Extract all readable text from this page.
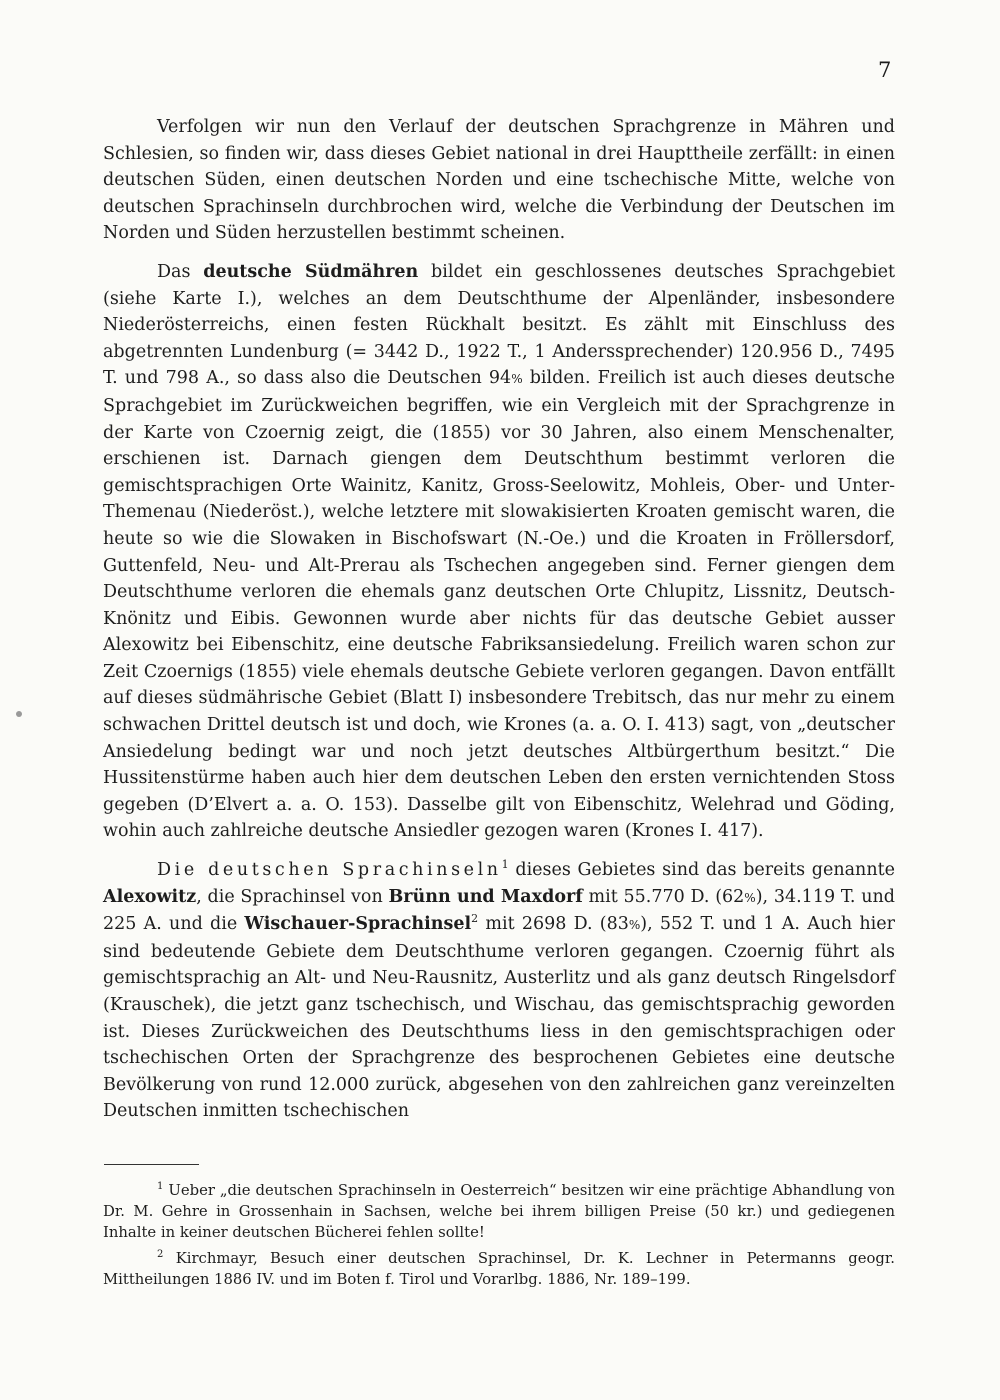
7

Verfolgen wir nun den Verlauf der deutschen Sprachgrenze in Mähren und Schlesien, so finden wir, dass dieses Gebiet national in drei Haupttheile zerfällt: in einen deutschen Süden, einen deutschen Norden und eine tschechische Mitte, welche von deutschen Sprachinseln durchbrochen wird, welche die Verbindung der Deutschen im Norden und Süden herzustellen bestimmt scheinen.

Das deutsche Südmähren bildet ein geschlossenes deutsches Sprachgebiet (siehe Karte I.), welches an dem Deutschthume der Alpenländer, insbesondere Niederösterreichs, einen festen Rückhalt besitzt. Es zählt mit Einschluss des abgetrennten Lundenburg (= 3442 D., 1922 T., 1 Anderssprechender) 120.956 D., 7495 T. und 798 A., so dass also die Deutschen 94% bilden. Freilich ist auch dieses deutsche Sprachgebiet im Zurückweichen begriffen, wie ein Vergleich mit der Sprachgrenze in der Karte von Czoernig zeigt, die (1855) vor 30 Jahren, also einem Menschenalter, erschienen ist. Darnach giengen dem Deutschthum bestimmt verloren die gemischtsprachigen Orte Wainitz, Kanitz, Gross-Seelowitz, Mohleis, Ober- und Unter-Themenau (Niederöst.), welche letztere mit slowakisierten Kroaten gemischt waren, die heute so wie die Slowaken in Bischofswart (N.-Oe.) und die Kroaten in Fröllersdorf, Guttenfeld, Neu- und Alt-Prerau als Tschechen angegeben sind. Ferner giengen dem Deutschthume verloren die ehemals ganz deutschen Orte Chlupitz, Lissnitz, Deutsch-Knönitz und Eibis. Gewonnen wurde aber nichts für das deutsche Gebiet ausser Alexowitz bei Eibenschitz, eine deutsche Fabriksansiedelung. Freilich waren schon zur Zeit Czoernigs (1855) viele ehemals deutsche Gebiete verloren gegangen. Davon entfällt auf dieses südmährische Gebiet (Blatt I) insbesondere Trebitsch, das nur mehr zu einem schwachen Drittel deutsch ist und doch, wie Krones (a. a. O. I. 413) sagt, von „deutscher Ansiedelung bedingt war und noch jetzt deutsches Altbürgerthum besitzt.“ Die Hussitenstürme haben auch hier dem deutschen Leben den ersten vernichtenden Stoss gegeben (D’Elvert a. a. O. 153). Dasselbe gilt von Eibenschitz, Welehrad und Göding, wohin auch zahlreiche deutsche Ansiedler gezogen waren (Krones I. 417).

Die deutschen Sprachinseln$^1$ dieses Gebietes sind das bereits genannte Alexowitz, die Sprachinsel von Brünn und Maxdorf mit 55.770 D. (62%), 34.119 T. und 225 A. und die Wischauer-Sprachinsel$^2$ mit 2698 D. (83%), 552 T. und 1 A. Auch hier sind bedeutende Gebiete dem Deutschthume verloren gegangen. Czoernig führt als gemischtsprachig an Alt- und Neu-Rausnitz, Austerlitz und als ganz deutsch Ringelsdorf (Krauschek), die jetzt ganz tschechisch, und Wischau, das gemischtsprachig geworden ist. Dieses Zurückweichen des Deutschthums liess in den gemischtsprachigen oder tschechischen Orten der Sprachgrenze des besprochenen Gebietes eine deutsche Bevölkerung von rund 12.000 zurück, abgesehen von den zahlreichen ganz vereinzelten Deutschen inmitten tschechischen

$^1$ Ueber „die deutschen Sprachinseln in Oesterreich“ besitzen wir eine prächtige Abhandlung von Dr. M. Gehre in Grossenhain in Sachsen, welche bei ihrem billigen Preise (50 kr.) und gediegenen Inhalte in keiner deutschen Bücherei fehlen sollte!

$^2$ Kirchmayr, Besuch einer deutschen Sprachinsel, Dr. K. Lechner in Petermanns geogr. Mittheilungen 1886 IV. und im Boten f. Tirol und Vorarlbg. 1886, Nr. 189–199.
